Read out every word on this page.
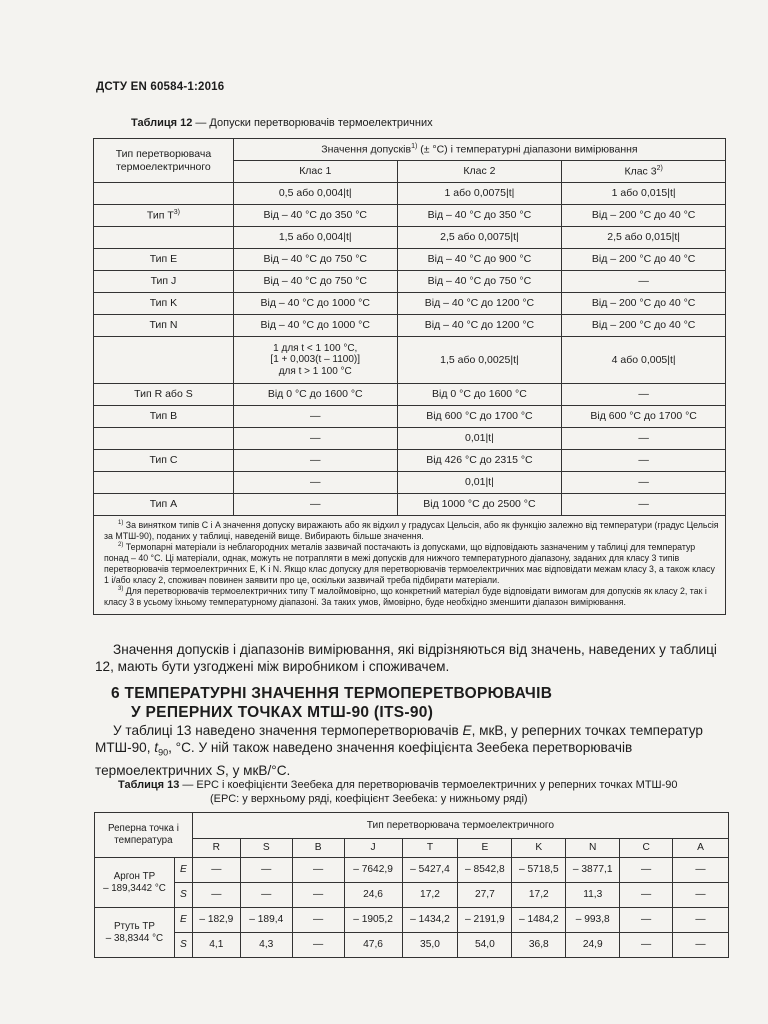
ДСТУ EN 60584-1:2016
Таблиця 12 — Допуски перетворювачів термоелектричних
Тип перетворювача термоелектричного	Значення допусків$^{1)}$ (± °C) і температурні діапазони вимірювання		
	Клас 1	Клас 2	Клас 3$^{2)}$
	0,5 або 0,004|t|	1 або 0,0075|t|	1 або 0,015|t|
Тип $T^{3)}$	Від – 40 °C до 350 °C	Від – 40 °C до 350 °C	Від – 200 °C до 40 °C
	1,5 або 0,004|t|	2,5 або 0,0075|t|	2,5 або 0,015|t|
Тип E	Від – 40 °C до 750 °C	Від – 40 °C до 900 °C	Від – 200 °C до 40 °C
Тип J	Від – 40 °C до 750 °C	Від – 40 °C до 750 °C	—
Тип K	Від – 40 °C до 1000 °C	Від – 40 °C до 1200 °C	Від – 200 °C до 40 °C
Тип N	Від – 40 °C до 1000 °C	Від – 40 °C до 1200 °C	Від – 200 °C до 40 °C
	1 для t < 1 100 °C,
[1 + 0,003(t – 1100)]
для t > 1 100 °C	1,5 або 0,0025|t|	4 або 0,005|t|
Тип R або S	Від 0 °C до 1600 °C	Від 0 °C до 1600 °C	—
Тип B	—	Від 600 °C до 1700 °C	Від 600 °C до 1700 °C
	—	0,01|t|	—
Тип C	—	Від 426 °C до 2315 °C	—
	—	0,01|t|	—
Тип A	—	Від 1000 °C до 2500 °C	—

$^{1)}$ За винятком типів C і A значення допуску виражають або як відхил у градусах Цельсія, або як функцію залежно від температури (градус Цельсія за МТШ-90), поданих у таблиці, наведеній вище. Вибирають більше значення.

$^{2)}$ Термопарні матеріали із неблагородних металів зазвичай постачають із допусками, що відповідають зазначеним у таблиці для температур понад – 40 °C. Ці матеріали, однак, можуть не потрапляти в межі допусків для нижчого температурного діапазону, заданих для класу 3 типів перетворювачів термоелектричних E, K і N. Якщо клас допуску для перетворювачів термоелектричних має відповідати межам класу 3, а також класу 1 і/або класу 2, споживач повинен заявити про це, оскільки зазвичай треба підбирати матеріали.

$^{3)}$ Для перетворювачів термоелектричних типу T малоймовірно, що конкретний матеріал буде відповідати вимогам для допусків як класу 2, так і класу 3 в усьому їхньому температурному діапазоні. За таких умов, ймовірно, буде необхідно зменшити діапазон вимірювання.			

Значення допусків і діапазонів вимірювання, які відрізняються від значень, наведених у таблиці 12, мають бути узгоджені між виробником і споживачем.
6 ТЕМПЕРАТУРНІ ЗНАЧЕННЯ ТЕРМОПЕРЕТВОРЮВАЧІВ
У РЕПЕРНИХ ТОЧКАХ МТШ-90 (ITS-90)
У таблиці 13 наведено значення термоперетворювачів E, мкВ, у реперних точках температур МТШ-90, $t_{90}$, °C. У ній також наведено значення коефіцієнта Зеебека перетворювачів термоелектричних S, у мкВ/°C.
Таблиця 13 — ЕРС і коефіцієнти Зеебека для перетворювачів термоелектричних у реперних точках МТШ-90
(ЕРС: у верхньому ряді, коефіцієнт Зеебека: у нижньому ряді)
Реперна точка і температура		Тип перетворювача термоелектричного									
		R	S	B	J	T	E	K	N	C	A
Аргон TP
– 189,3442 °C	E	—	—	—	– 7642,9	– 5427,4	– 8542,8	– 5718,5	– 3877,1	—	—
	S	—	—	—	24,6	17,2	27,7	17,2	11,3	—	—
Ртуть TP
– 38,8344 °C	E	– 182,9	– 189,4	—	– 1905,2	– 1434,2	– 2191,9	– 1484,2	– 993,8	—	—
	S	4,1	4,3	—	47,6	35,0	54,0	36,8	24,9	—	—
